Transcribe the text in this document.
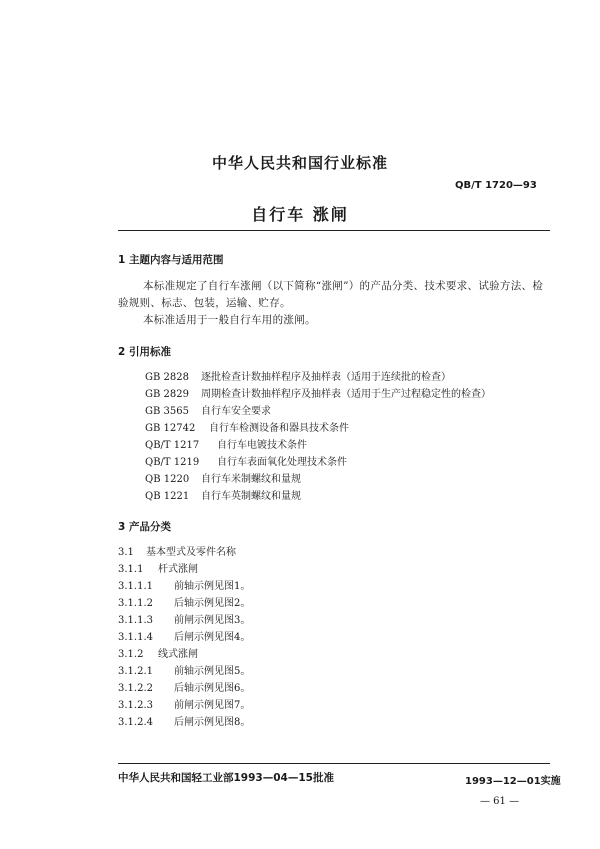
中华人民共和国行业标准
QB/T 1720—93
自行车 涨闸
1 主题内容与适用范围
本标准规定了自行车涨闸（以下简称“涨闸”）的产品分类、技术要求、试验方法、检
验规则、标志、包装，运输、贮存。
本标准适用于一般自行车用的涨闸。
2 引用标准
GB 2828 逐批检查计数抽样程序及抽样表（适用于连续批的检查）
GB 2829 周期检查计数抽样程序及抽样表（适用于生产过程稳定性的检查）
GB 3565 自行车安全要求
GB 12742 自行车检测设备和器具技术条件
QB/T 1217 自行车电镀技术条件
QB/T 1219 自行车表面氧化处理技术条件
QB 1220 自行车米制螺纹和量规
QB 1221 自行车英制螺纹和量规
3 产品分类
3.1 基本型式及零件名称
3.1.1 杆式涨闸
3.1.1.1 前轴示例见图1。
3.1.1.2 后轴示例见图2。
3.1.1.3 前闸示例见图3。
3.1.1.4 后闸示例见图4。
3.1.2 线式涨闸
3.1.2.1 前轴示例见图5。
3.1.2.2 后轴示例见图6。
3.1.2.3 前闸示例见图7。
3.1.2.4 后闸示例见图8。
中华人民共和国轻工业部1993—04—15批准	1993—12—01实施
— 61 —
